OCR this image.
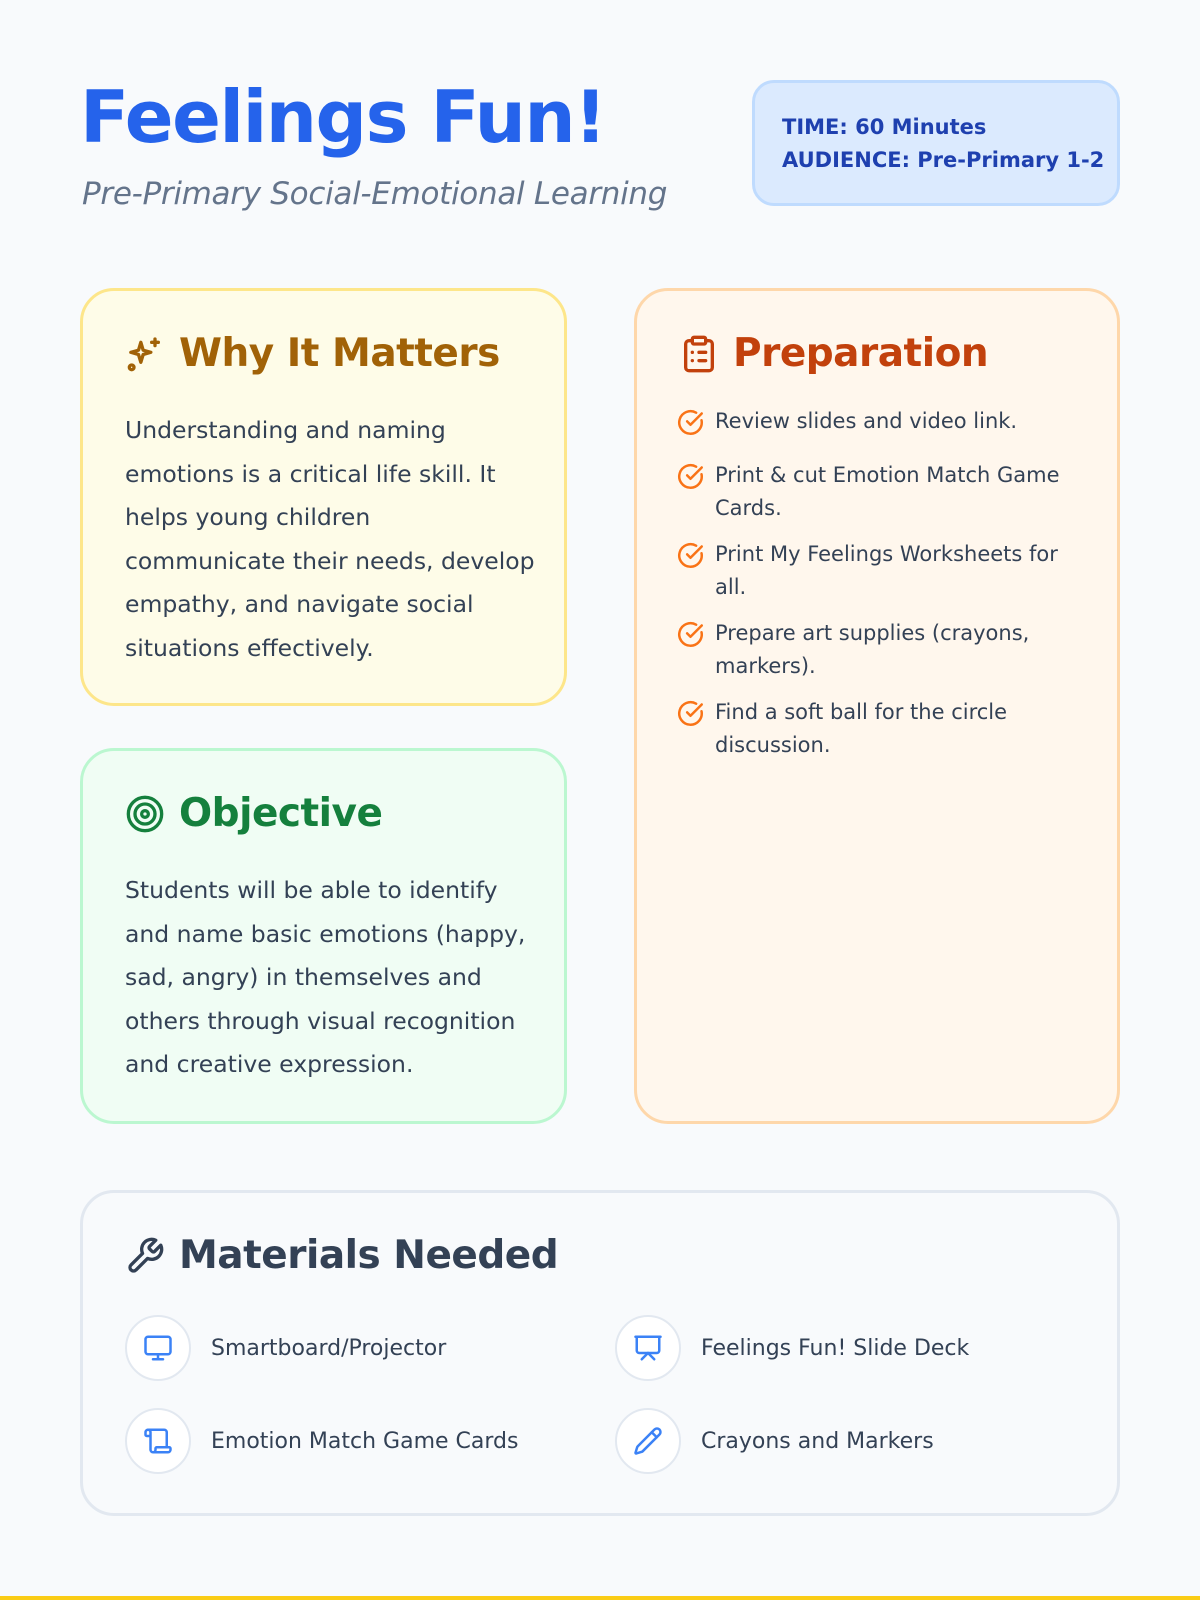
Feelings Fun!
Pre-Primary Social-Emotional Learning
TIME: 60 Minutes
AUDIENCE: Pre-Primary 1-2
Why It Matters

Understanding and naming emotions is a critical life skill. It helps young children communicate their needs, develop empathy, and navigate social situations effectively.

Objective

Students will be able to identify and name basic emotions (happy, sad, angry) in themselves and others through visual recognition and creative expression.

Preparation
Review slides and video link.
Print & cut Emotion Match Game Cards.
Print My Feelings Worksheets for all.
Prepare art supplies (crayons, markers).
Find a soft ball for the circle discussion.
Materials Needed
Smartboard/Projector	Feelings Fun! Slide Deck
Emotion Match Game Cards	Crayons and Markers
